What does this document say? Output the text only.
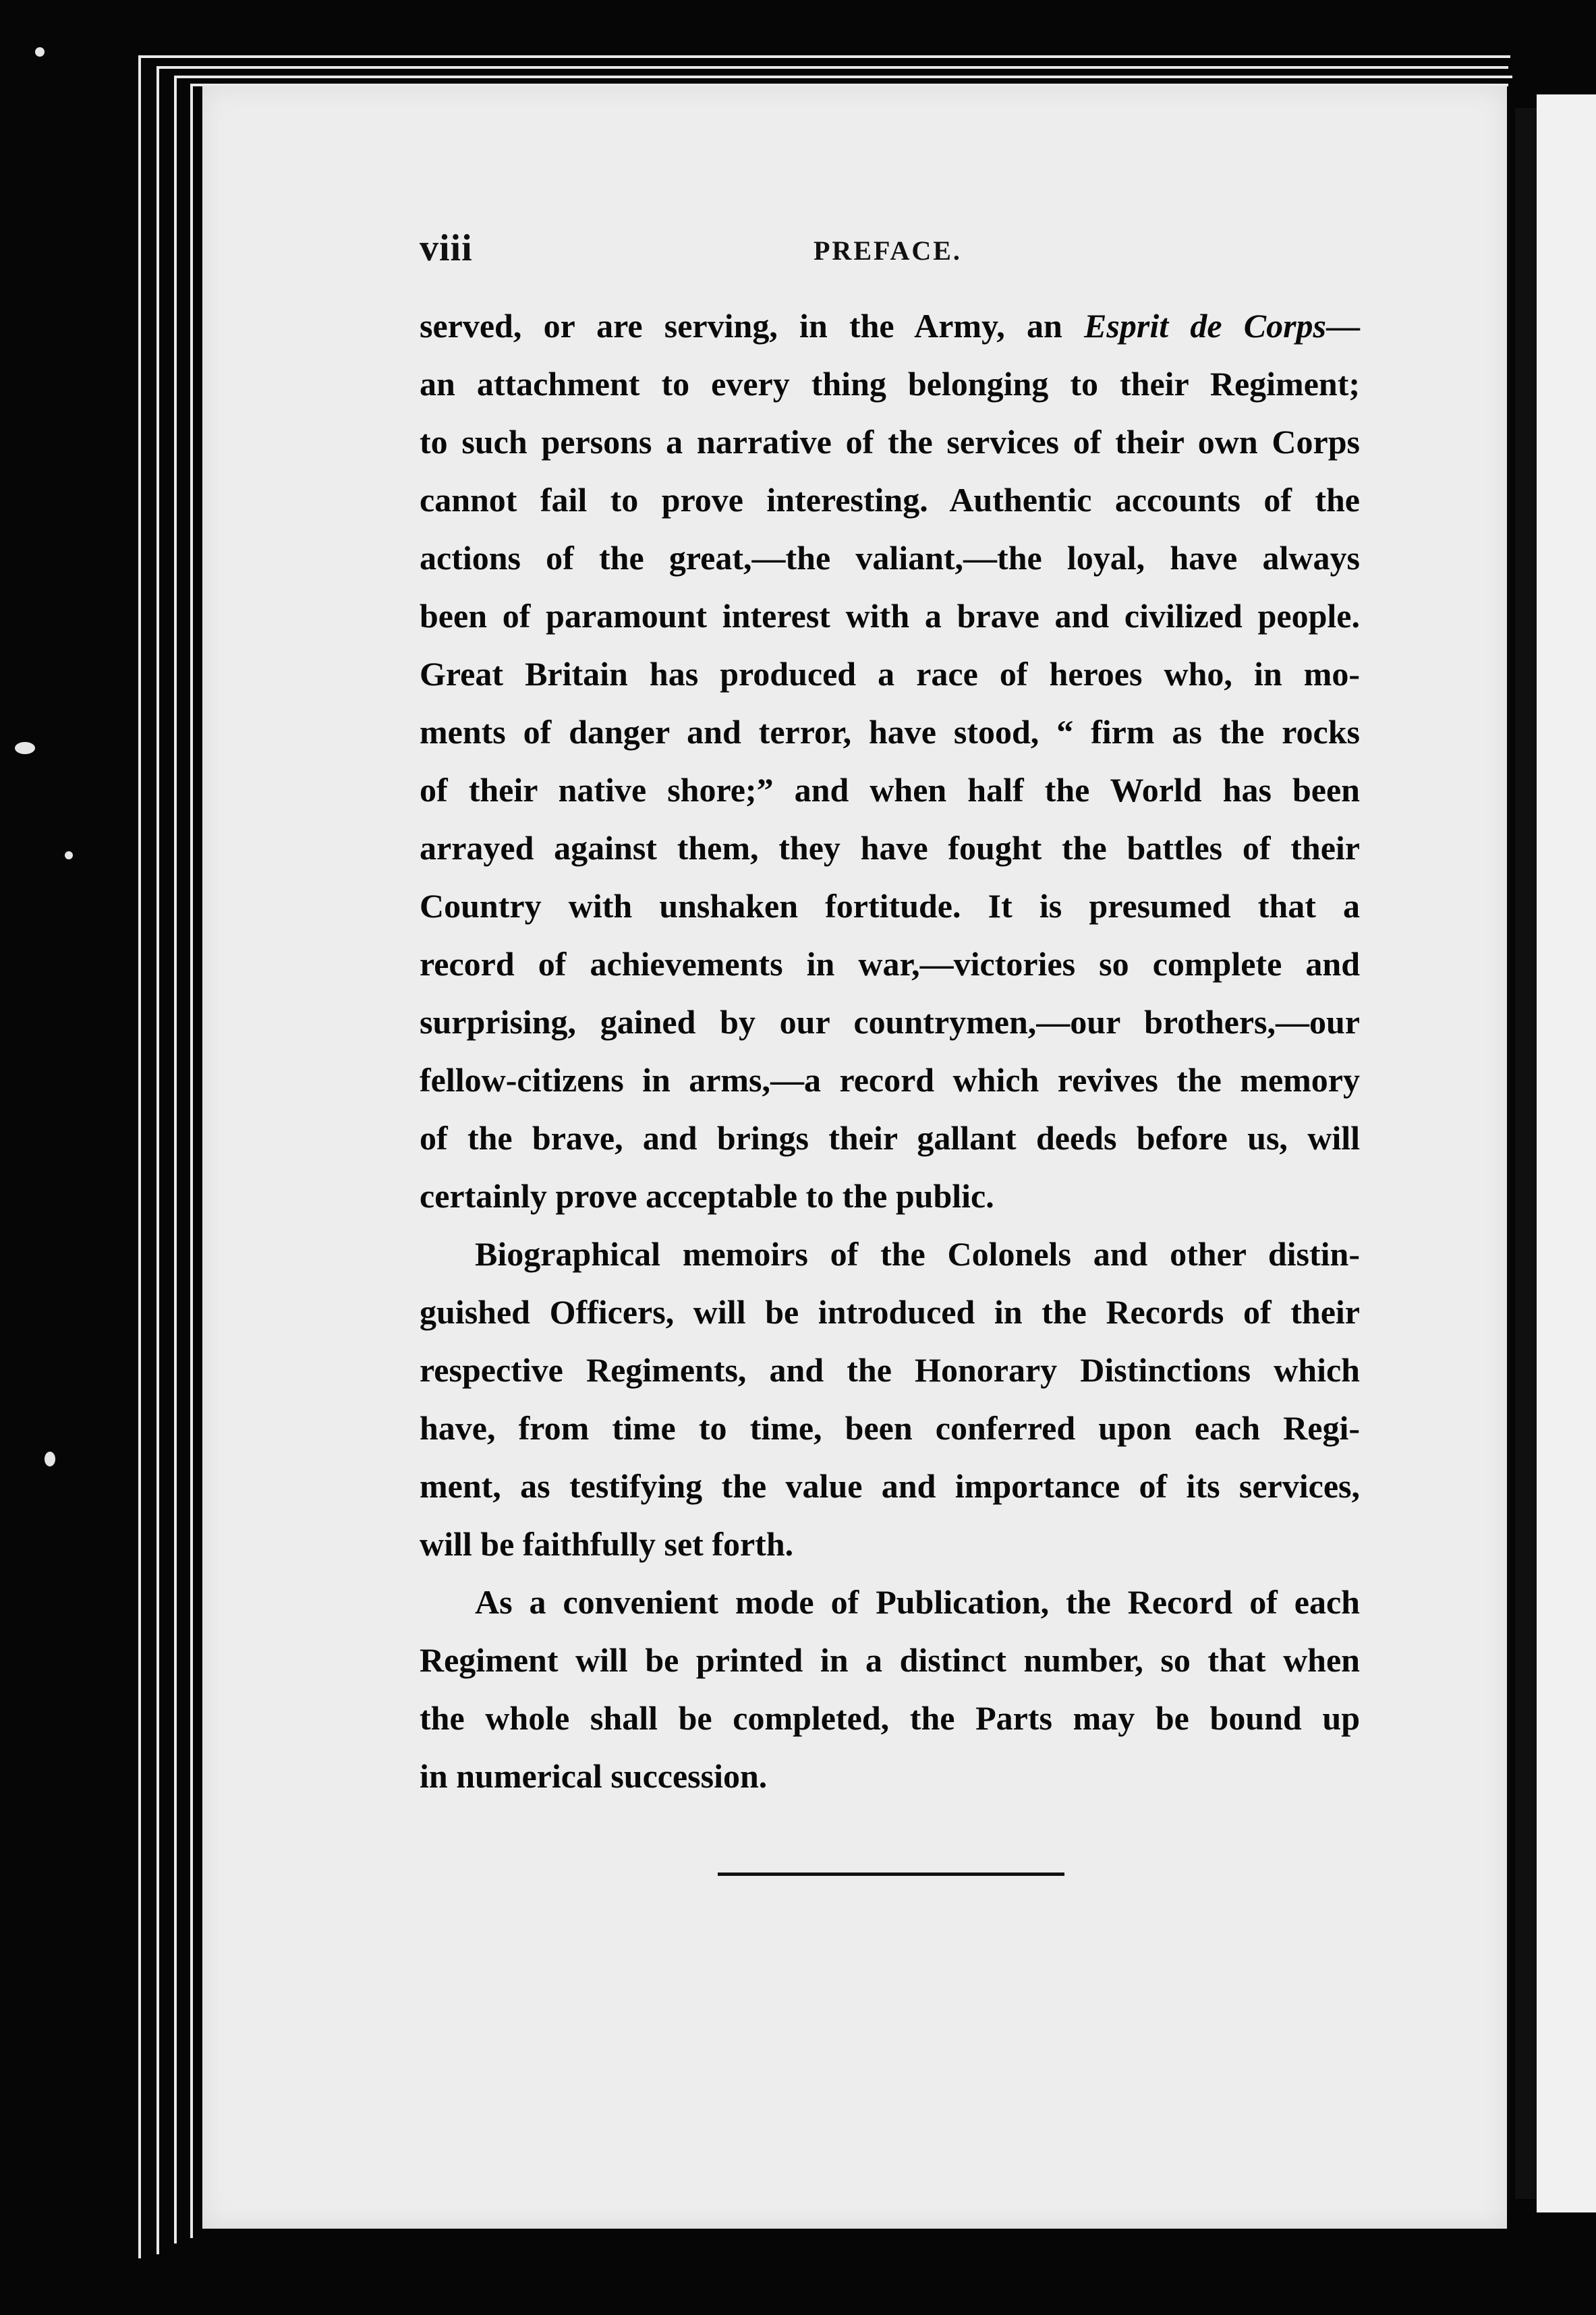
viii	PREFACE.
served, or are serving, in the Army, an Esprit de Corps—
an attachment to every thing belonging to their Regiment;
to such persons a narrative of the services of their own Corps
cannot fail to prove interesting. Authentic accounts of the
actions of the great,—the valiant,—the loyal, have always
been of paramount interest with a brave and civilized people.
Great Britain has produced a race of heroes who, in mo-
ments of danger and terror, have stood, “ firm as the rocks
of their native shore;” and when half the World has been
arrayed against them, they have fought the battles of their
Country with unshaken fortitude. It is presumed that a
record of achievements in war,—victories so complete and
surprising, gained by our countrymen,—our brothers,—our
fellow-citizens in arms,—a record which revives the memory
of the brave, and brings their gallant deeds before us, will
certainly prove acceptable to the public.
Biographical memoirs of the Colonels and other distin-
guished Officers, will be introduced in the Records of their
respective Regiments, and the Honorary Distinctions which
have, from time to time, been conferred upon each Regi-
ment, as testifying the value and importance of its services,
will be faithfully set forth.
As a convenient mode of Publication, the Record of each
Regiment will be printed in a distinct number, so that when
the whole shall be completed, the Parts may be bound up
in numerical succession.
